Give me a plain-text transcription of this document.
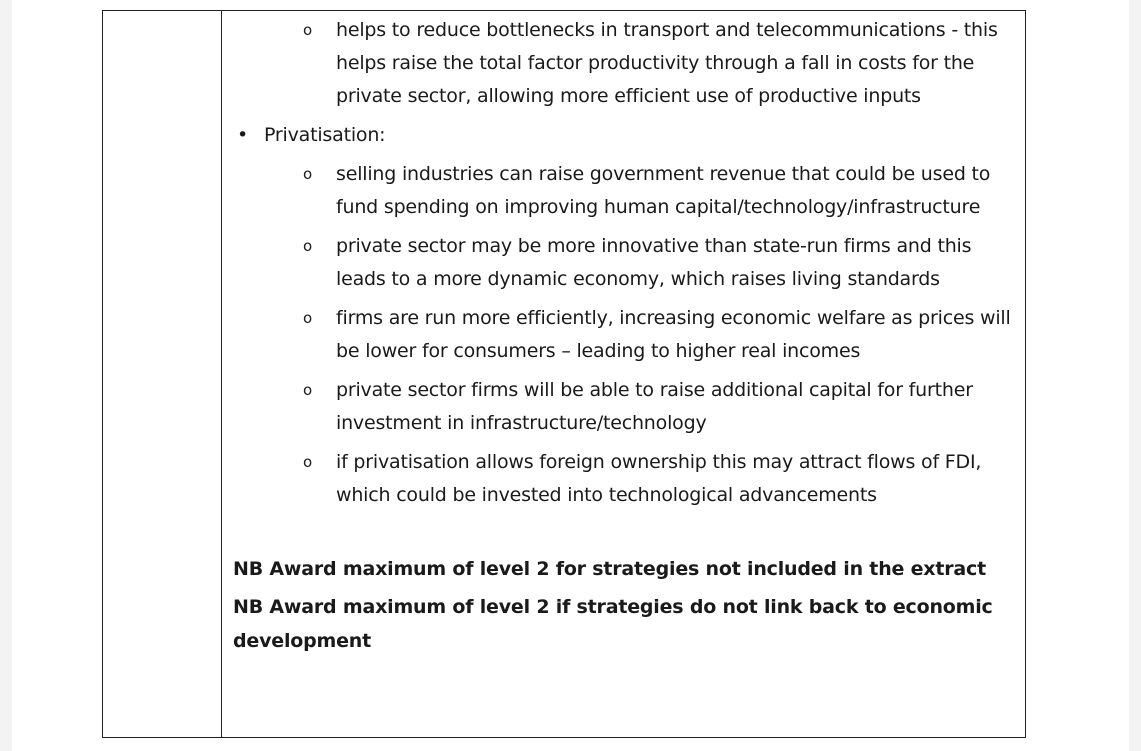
o helps to reduce bottlenecks in transport and telecommunications - this helps raise the total factor productivity through a fall in costs for the private sector, allowing more efficient use of productive inputs
• Privatisation:
o selling industries can raise government revenue that could be used to fund spending on improving human capital/technology/infrastructure
o private sector may be more innovative than state-run firms and this leads to a more dynamic economy, which raises living standards
o firms are run more efficiently, increasing economic welfare as prices will be lower for consumers – leading to higher real incomes
o private sector firms will be able to raise additional capital for further investment in infrastructure/technology
o if privatisation allows foreign ownership this may attract flows of FDI, which could be invested into technological advancements

NB Award maximum of level 2 for strategies not included in the extract

NB Award maximum of level 2 if strategies do not link back to economic development
